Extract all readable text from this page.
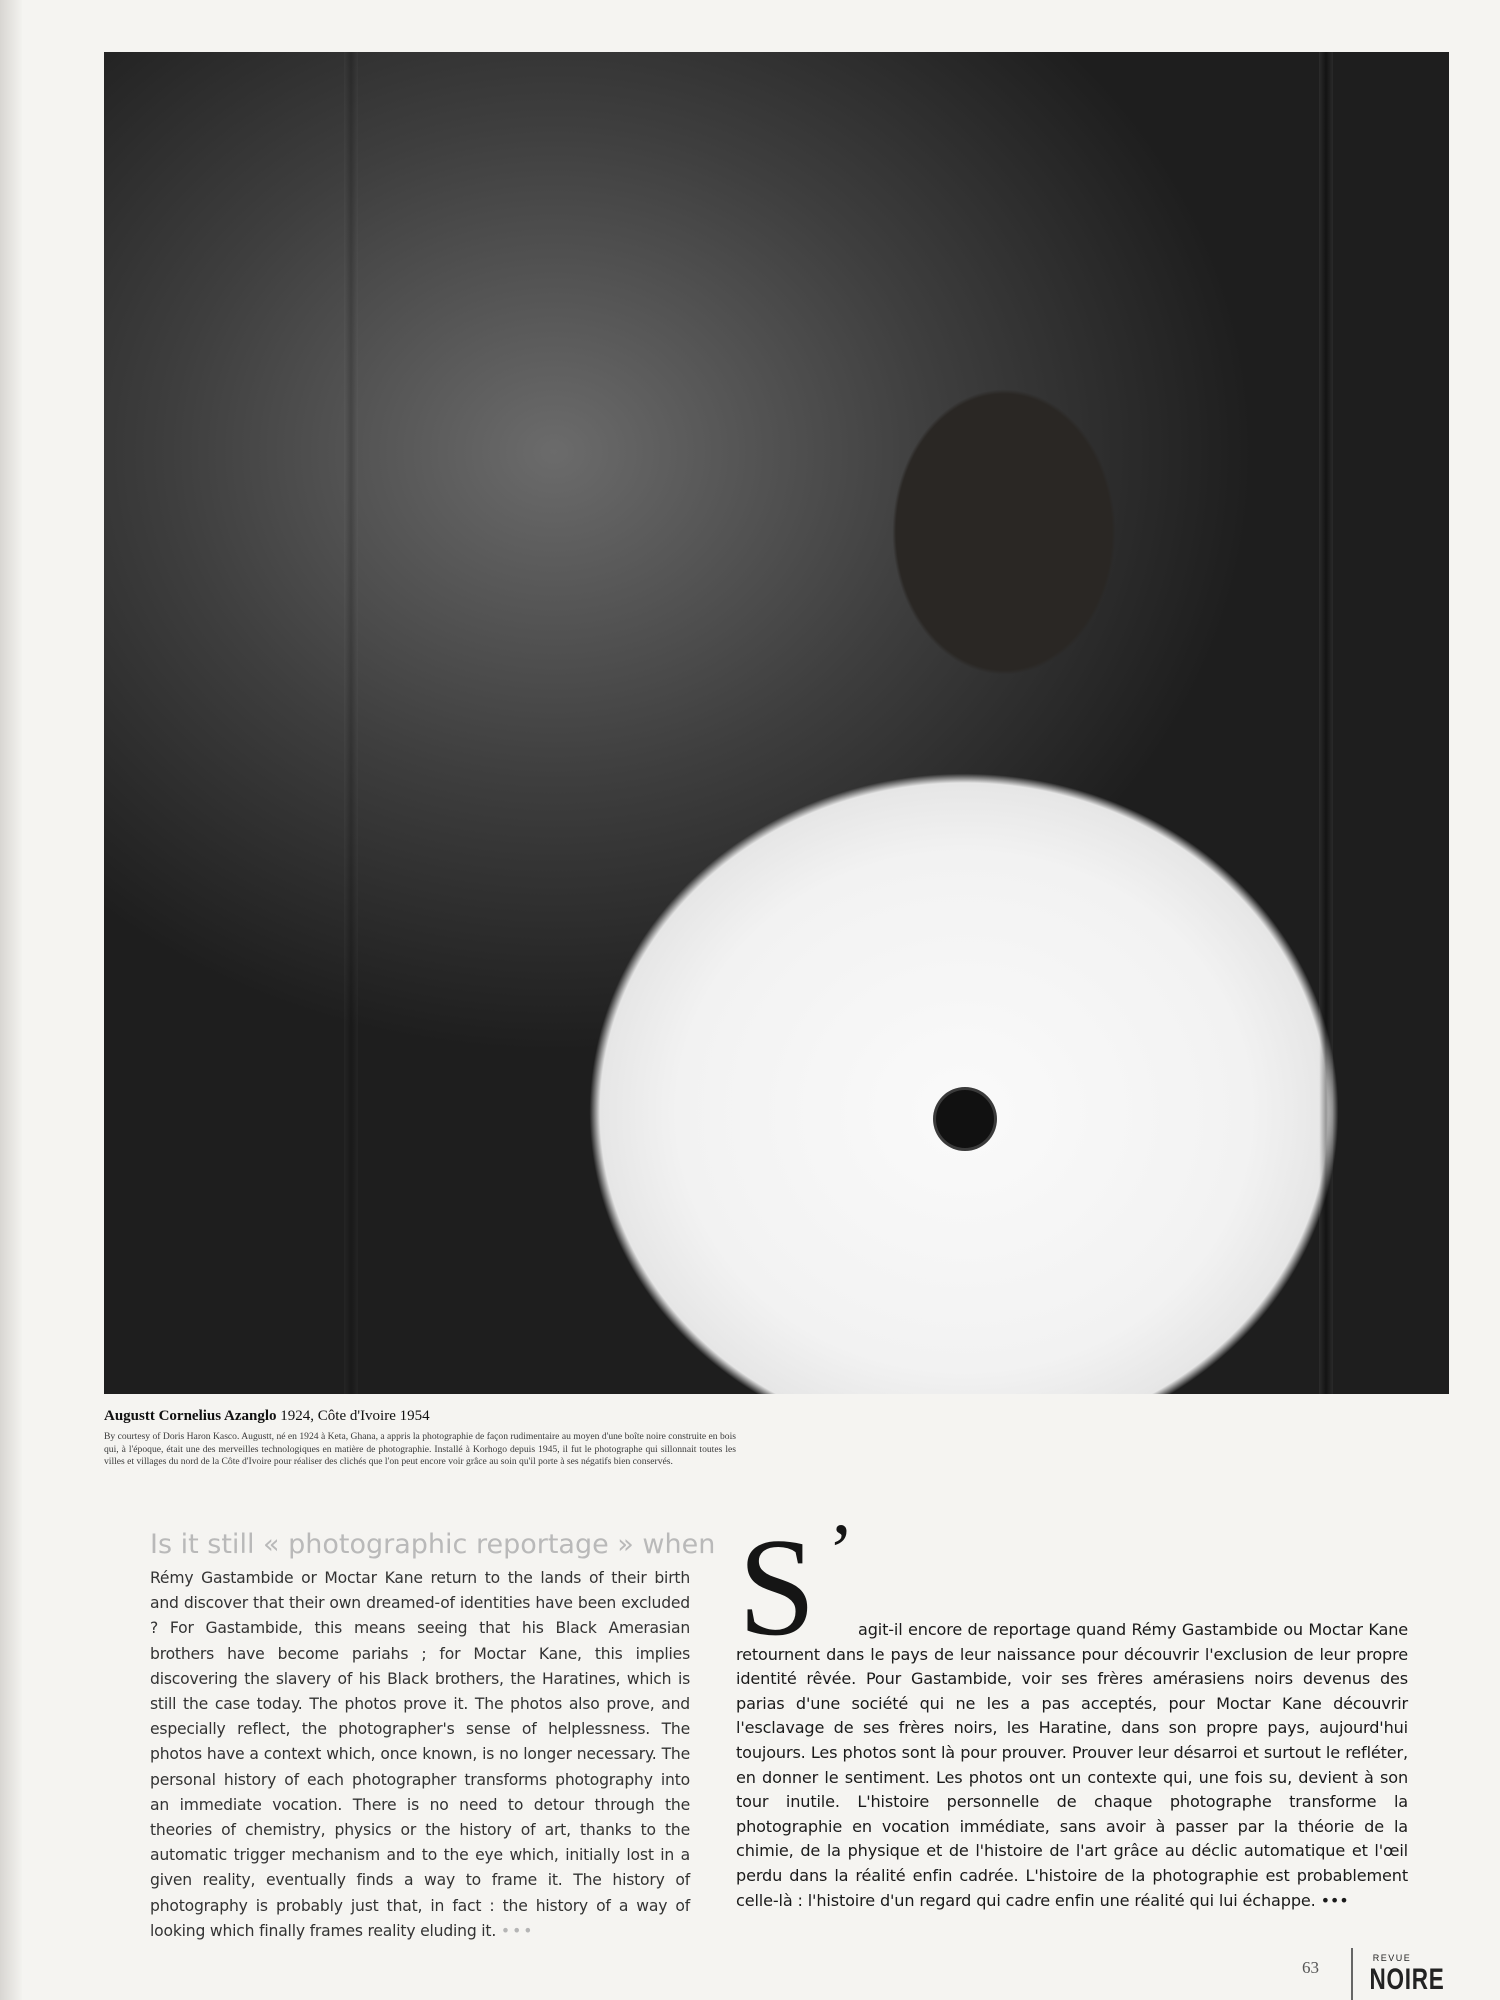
Augustt Cornelius Azanglo 1924, Côte d'Ivoire 1954
By courtesy of Doris Haron Kasco. Augustt, né en 1924 à Keta, Ghana, a appris la photographie de façon rudimentaire au moyen d'une boîte noire construite en bois qui, à l'époque, était une des merveilles technologiques en matière de photographie. Installé à Korhogo depuis 1945, il fut le photographe qui sillonnait toutes les villes et villages du nord de la Côte d'Ivoire pour réaliser des clichés que l'on peut encore voir grâce au soin qu'il porte à ses négatifs bien conservés.
Is it still « photographic reportage » when
Rémy Gastambide or Moctar Kane return to the lands of their birth and discover that their own dreamed-of identities have been excluded ? For Gastambide, this means seeing that his Black Amerasian brothers have become pariahs ; for Moctar Kane, this implies discovering the slavery of his Black brothers, the Haratines, which is still the case today. The photos prove it. The photos also prove, and especially reflect, the photographer's sense of helplessness. The photos have a context which, once known, is no longer necessary. The personal history of each photographer transforms photography into an immediate vocation. There is no need to detour through the theories of chemistry, physics or the history of art, thanks to the automatic trigger mechanism and to the eye which, initially lost in a given reality, eventually finds a way to frame it. The history of photography is probably just that, in fact : the history of a way of looking which finally frames reality eluding it. •••
S ’
agit-il encore de reportage quand Rémy Gastambide ou Moctar Kane retournent dans le pays de leur naissance pour découvrir l'exclusion de leur propre identité rêvée. Pour Gastambide, voir ses frères amérasiens noirs devenus des parias d'une société qui ne les a pas acceptés, pour Moctar Kane découvrir l'esclavage de ses frères noirs, les Haratine, dans son propre pays, aujourd'hui toujours. Les photos sont là pour prouver. Prouver leur désarroi et surtout le refléter, en donner le sentiment. Les photos ont un contexte qui, une fois su, devient à son tour inutile. L'histoire personnelle de chaque photographe transforme la photographie en vocation immédiate, sans avoir à passer par la théorie de la chimie, de la physique et de l'histoire de l'art grâce au déclic automatique et l'œil perdu dans la réalité enfin cadrée. L'histoire de la photographie est probablement celle-là : l'histoire d'un regard qui cadre enfin une réalité qui lui échappe. •••
63	REVUE
NOIRE
